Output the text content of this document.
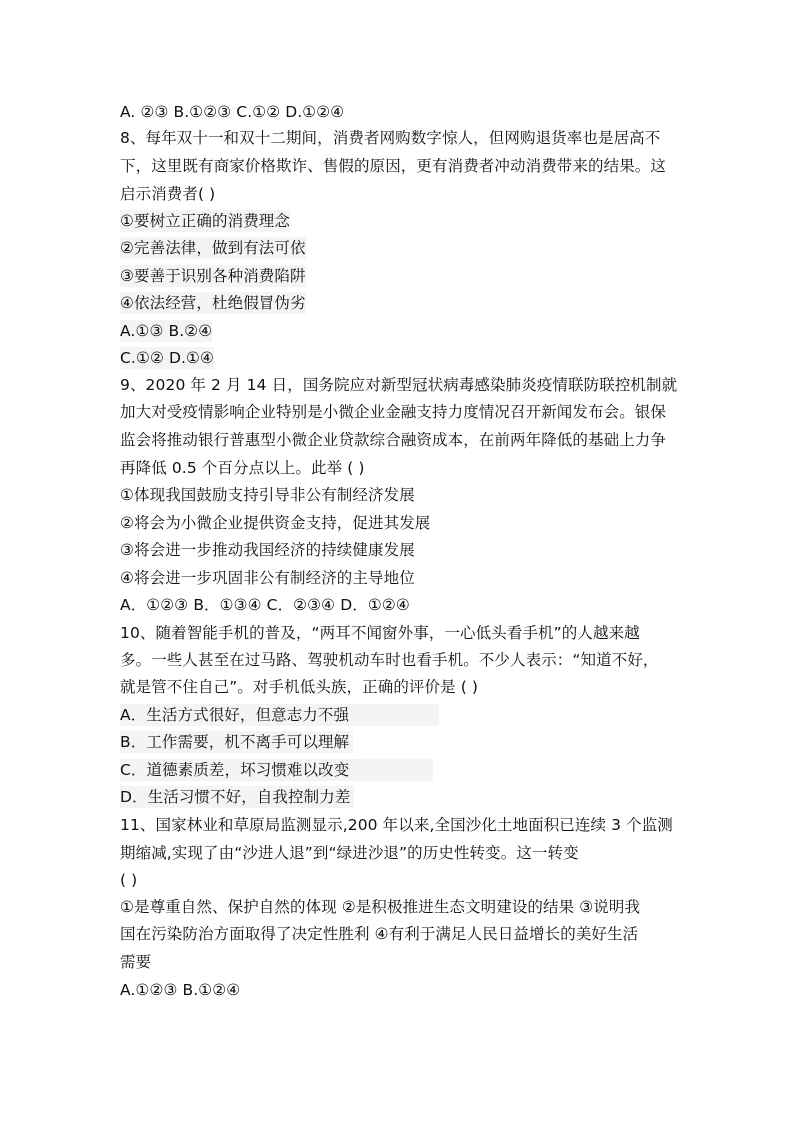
A. ②③ B.①②③ C.①② D.①②④
8、每年双十一和双十二期间，消费者网购数字惊人，但网购退货率也是居高不
下，这里既有商家价格欺诈、售假的原因，更有消费者冲动消费带来的结果。这
启示消费者( )
①要树立正确的消费理念
②完善法律，做到有法可依
③要善于识别各种消费陷阱
④依法经营，杜绝假冒伪劣
A.①③ B.②④
C.①② D.①④
9、2020 年 2 月 14 日，国务院应对新型冠状病毒感染肺炎疫情联防联控机制就
加大对受疫情影响企业特别是小微企业金融支持力度情况召开新闻发布会。银保
监会将推动银行普惠型小微企业贷款综合融资成本，在前两年降低的基础上力争
再降低 0.5 个百分点以上。此举 ( )
①体现我国鼓励支持引导非公有制经济发展
②将会为小微企业提供资金支持，促进其发展
③将会进一步推动我国经济的持续健康发展
④将会进一步巩固非公有制经济的主导地位
A．①②③ B．①③④ C．②③④ D．①②④
10、随着智能手机的普及，“两耳不闻窗外事，一心低头看手机”的人越来越
多。一些人甚至在过马路、驾驶机动车时也看手机。不少人表示：“知道不好，
就是管不住自己”。对手机低头族，正确的评价是 ( )
A．生活方式很好，但意志力不强
B．工作需要，机不离手可以理解
C．道德素质差，坏习惯难以改变
D．生活习惯不好，自我控制力差
11、国家林业和草原局监测显示,200 年以来,全国沙化土地面积已连续 3 个监测
期缩减,实现了由“沙进人退”到“绿进沙退”的历史性转变。这一转变
( )
①是尊重自然、保护自然的体现 ②是积极推进生态文明建设的结果 ③说明我
国在污染防治方面取得了决定性胜利 ④有利于满足人民日益增长的美好生活
需要
A.①②③ B.①②④
